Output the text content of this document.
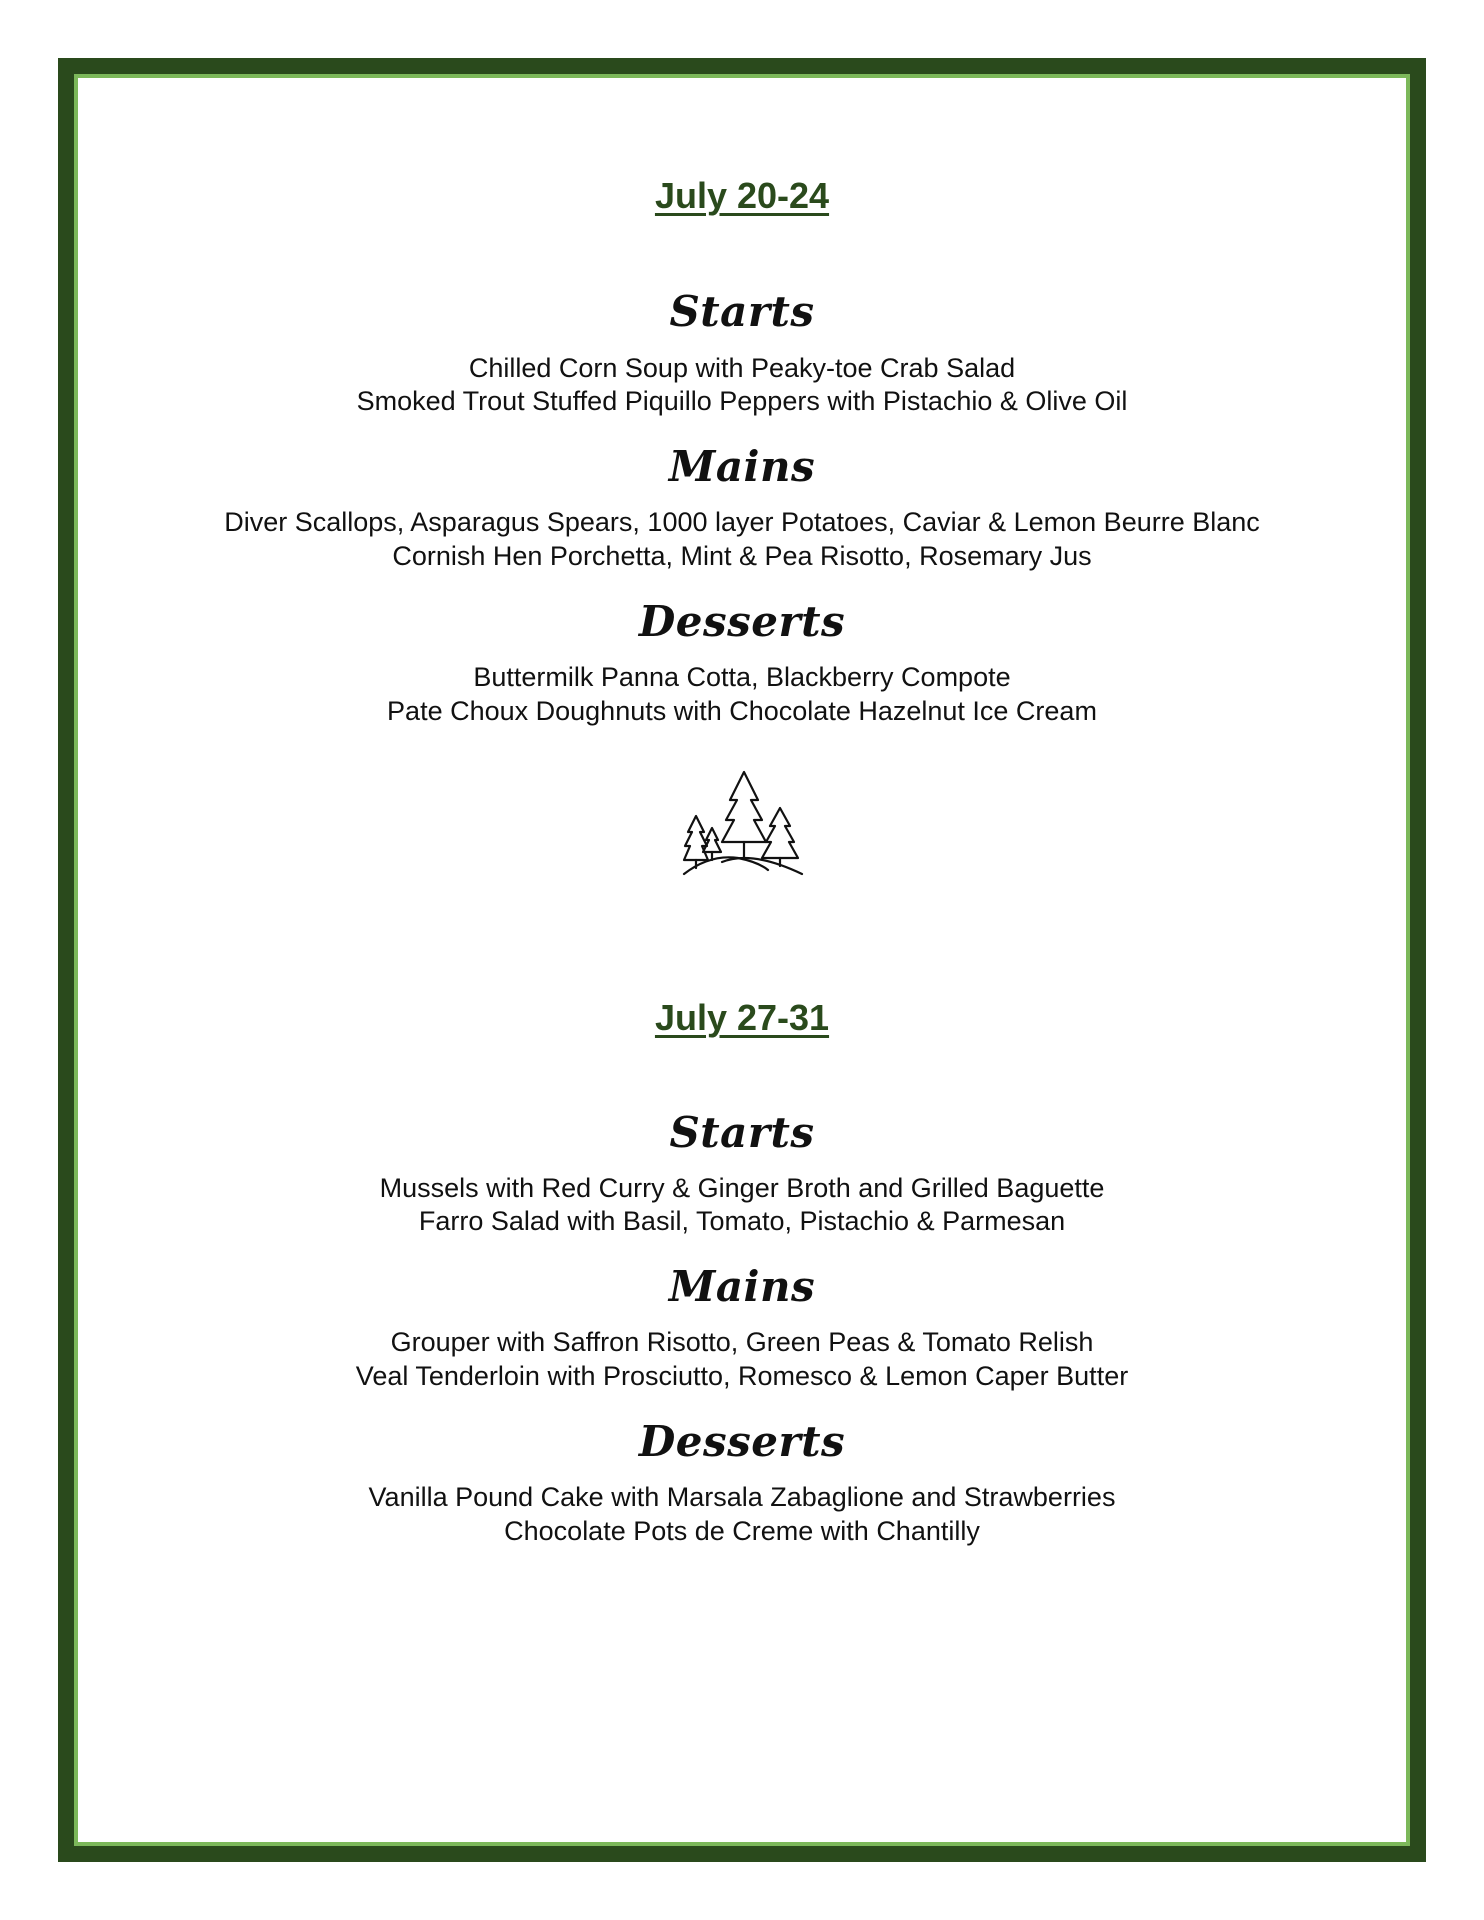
July 20-24
Starts
Chilled Corn Soup with Peaky-toe Crab Salad
Smoked Trout Stuffed Piquillo Peppers with Pistachio & Olive Oil
Mains
Diver Scallops, Asparagus Spears, 1000 layer Potatoes, Caviar & Lemon Beurre Blanc
Cornish Hen Porchetta, Mint & Pea Risotto, Rosemary Jus
Desserts
Buttermilk Panna Cotta, Blackberry Compote
Pate Choux Doughnuts with Chocolate Hazelnut Ice Cream
July 27-31
Starts
Mussels with Red Curry & Ginger Broth and Grilled Baguette
Farro Salad with Basil, Tomato, Pistachio & Parmesan
Mains
Grouper with Saffron Risotto, Green Peas & Tomato Relish
Veal Tenderloin with Prosciutto, Romesco & Lemon Caper Butter
Desserts
Vanilla Pound Cake with Marsala Zabaglione and Strawberries
Chocolate Pots de Creme with Chantilly
